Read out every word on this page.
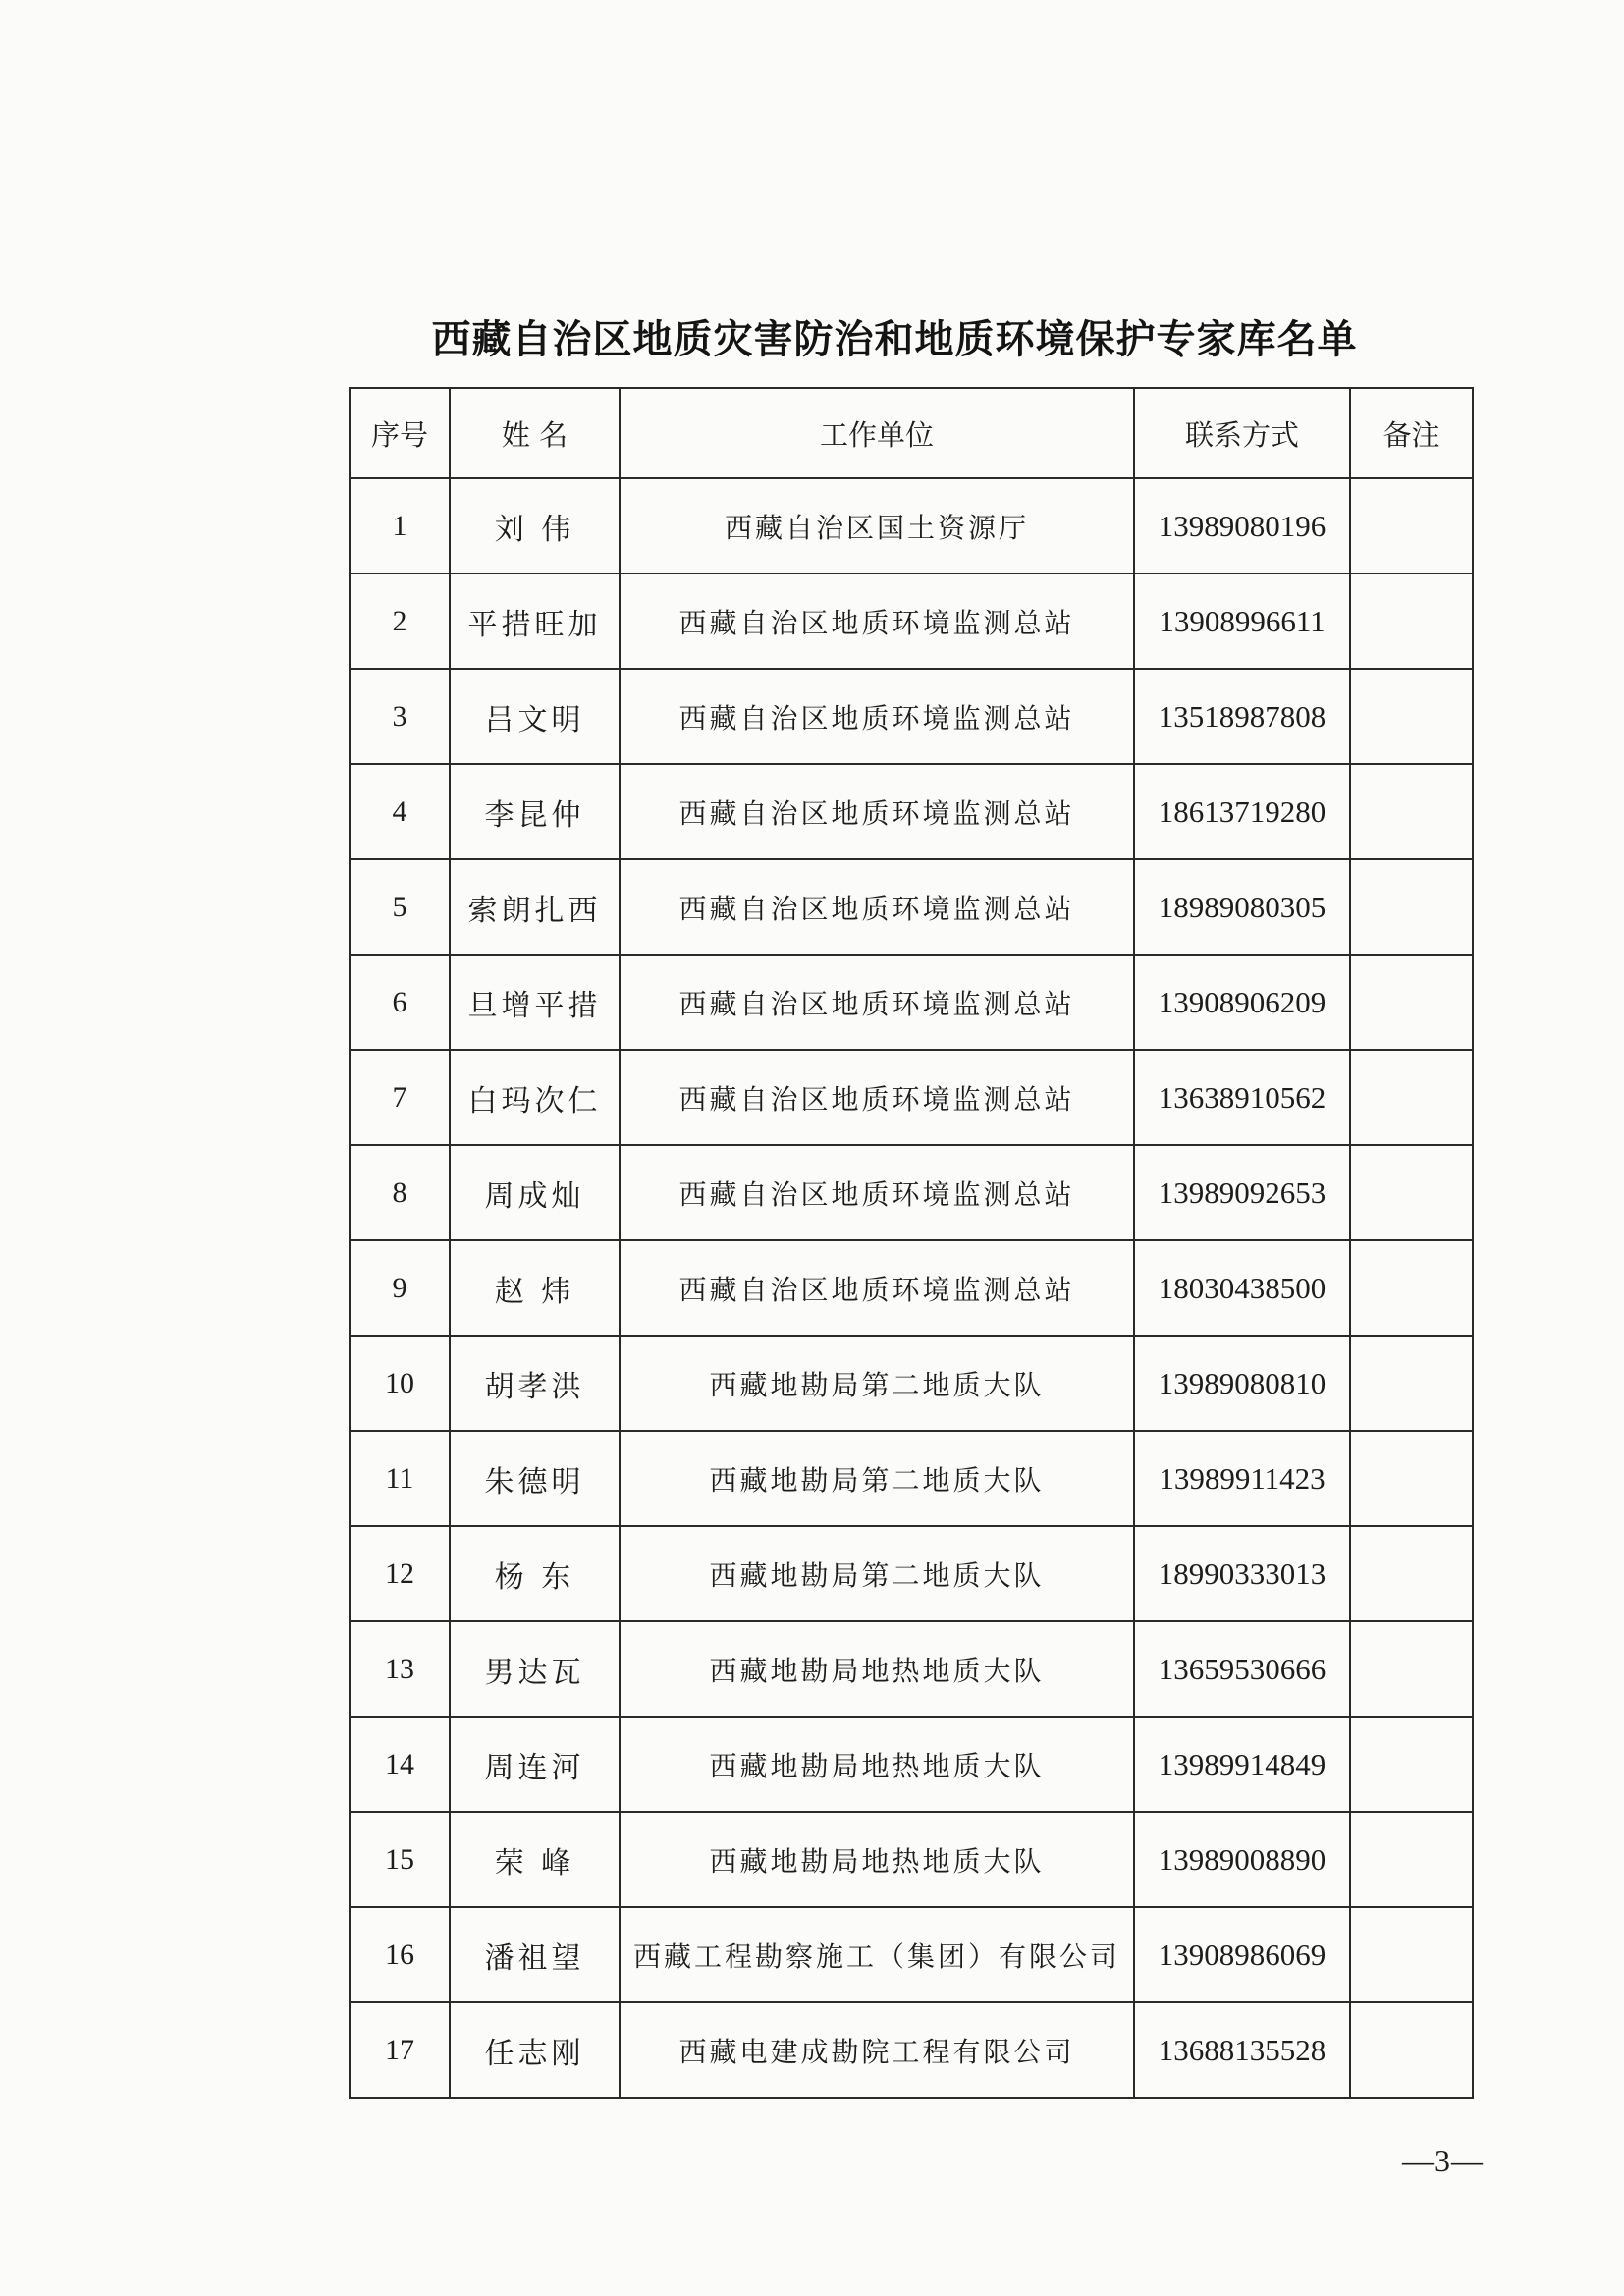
西藏自治区地质灾害防治和地质环境保护专家库名单
序号	姓 名	工作单位	联系方式	备注
1	刘 伟	西藏自治区国土资源厅	13989080196	
2	平措旺加	西藏自治区地质环境监测总站	13908996611	
3	吕文明	西藏自治区地质环境监测总站	13518987808	
4	李昆仲	西藏自治区地质环境监测总站	18613719280	
5	索朗扎西	西藏自治区地质环境监测总站	18989080305	
6	旦增平措	西藏自治区地质环境监测总站	13908906209	
7	白玛次仁	西藏自治区地质环境监测总站	13638910562	
8	周成灿	西藏自治区地质环境监测总站	13989092653	
9	赵 炜	西藏自治区地质环境监测总站	18030438500	
10	胡孝洪	西藏地勘局第二地质大队	13989080810	
11	朱德明	西藏地勘局第二地质大队	13989911423	
12	杨 东	西藏地勘局第二地质大队	18990333013	
13	男达瓦	西藏地勘局地热地质大队	13659530666	
14	周连河	西藏地勘局地热地质大队	13989914849	
15	荣 峰	西藏地勘局地热地质大队	13989008890	
16	潘祖望	西藏工程勘察施工（集团）有限公司	13908986069	
17	任志刚	西藏电建成勘院工程有限公司	13688135528	
—3—
